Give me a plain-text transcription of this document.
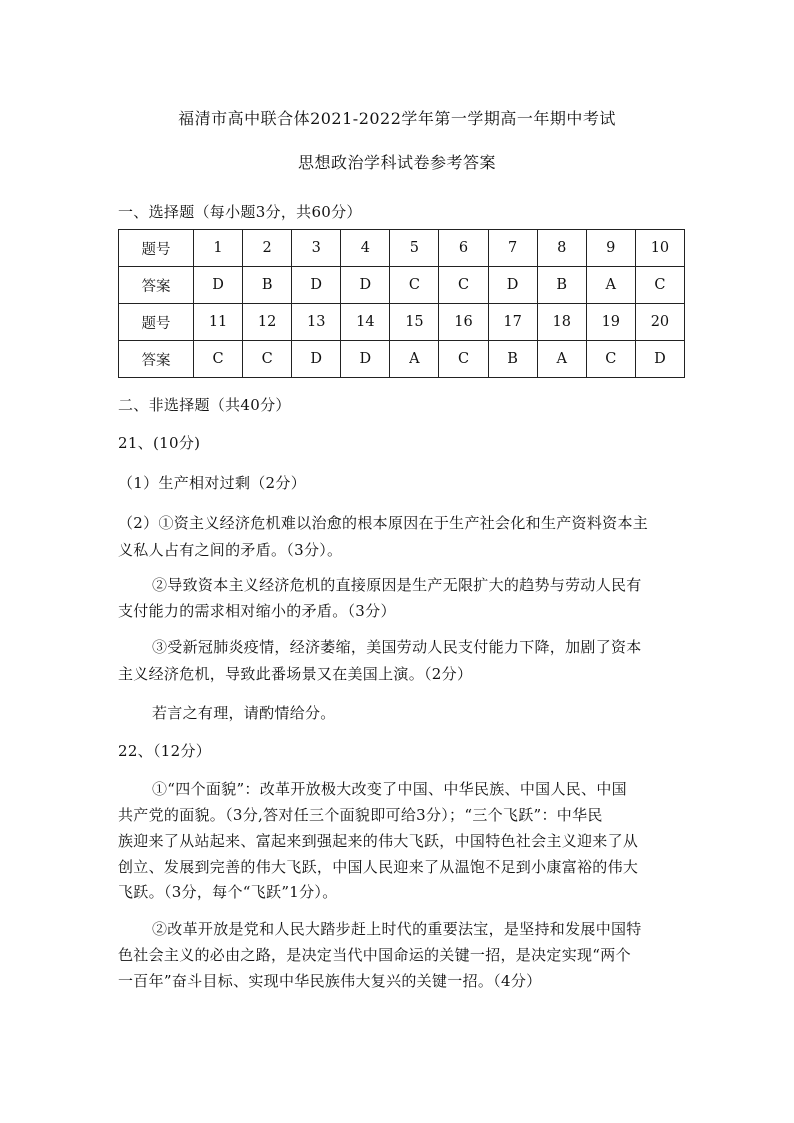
福清市高中联合体2021-2022学年第一学期高一年期中考试
思想政治学科试卷参考答案
一、选择题（每小题3分，共60分）
题号	1	2	3	4	5	6	7	8	9	10
答案	D	B	D	D	C	C	D	B	A	C
题号	11	12	13	14	15	16	17	18	19	20
答案	C	C	D	D	A	C	B	A	C	D
二、非选择题（共40分）
21、(10分)
（1）生产相对过剩（2分）
（2）①资主义经济危机难以治愈的根本原因在于生产社会化和生产资料资本主
义私人占有之间的矛盾。（3分）。
②导致资本主义经济危机的直接原因是生产无限扩大的趋势与劳动人民有
支付能力的需求相对缩小的矛盾。（3分）
③受新冠肺炎疫情，经济萎缩，美国劳动人民支付能力下降，加剧了资本
主义经济危机，导致此番场景又在美国上演。（2分）
若言之有理，请酌情给分。
22、（12分）
①“四个面貌”：改革开放极大改变了中国、中华民族、中国人民、中国
共产党的面貌。（3分,答对任三个面貌即可给3分）；“三个飞跃”：中华民
族迎来了从站起来、富起来到强起来的伟大飞跃，中国特色社会主义迎来了从
创立、发展到完善的伟大飞跃，中国人民迎来了从温饱不足到小康富裕的伟大
飞跃。（3分，每个“飞跃”1分）。
②改革开放是党和人民大踏步赶上时代的重要法宝，是坚持和发展中国特
色社会主义的必由之路，是决定当代中国命运的关键一招，是决定实现“两个
一百年”奋斗目标、实现中华民族伟大复兴的关键一招。（4分）
